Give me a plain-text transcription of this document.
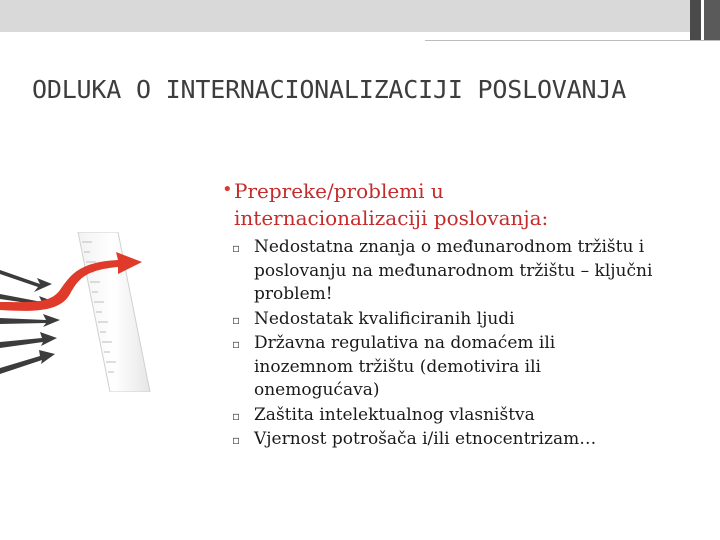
ODLUKA O INTERNACIONALIZACIJI POSLOVANJA
• Prepreke/problemi u internacionalizaciji poslovanja:
▫ Nedostatna znanja o međunarodnom tržištu i poslovanju na međunarodnom tržištu – ključni problem!
▫ Nedostatak kvalificiranih ljudi
▫ Državna regulativa na domaćem ili inozemnom tržištu (demotivira ili onemogućava)
▫ Zaštita intelektualnog vlasništva
▫ Vjernost potrošača i/ili etnocentrizam…
